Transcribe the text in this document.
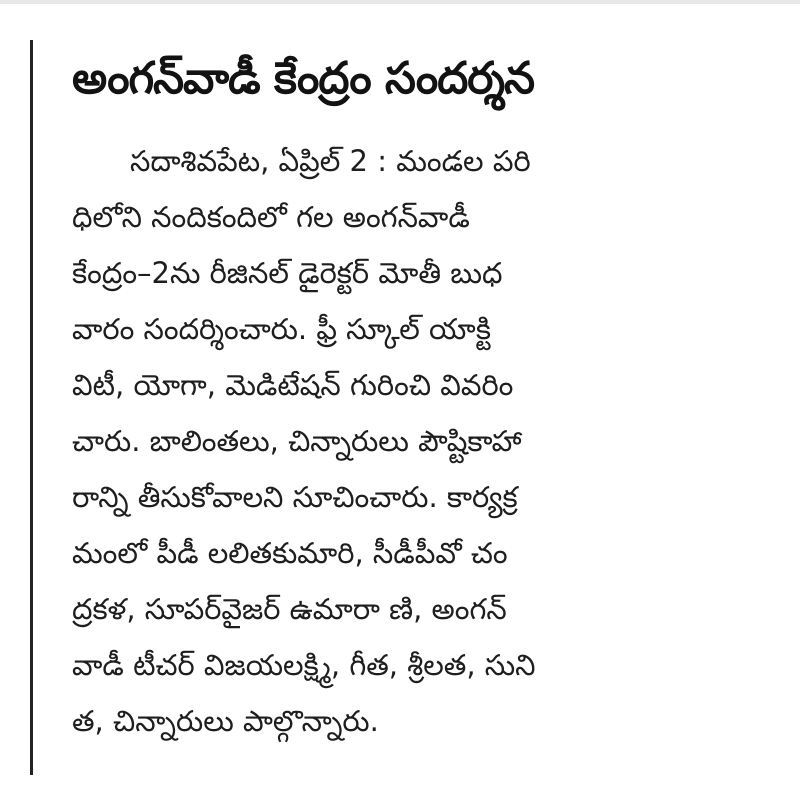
అంగన్‌వాడీ కేంద్రం సందర్శన
సదాశివపేట, ఏప్రిల్ 2 : మండల పరి
ధిలోని నందికందిలో గల అంగన్‌వాడీ
కేంద్రం–2ను రీజినల్ డైరెక్టర్ మోతీ బుధ
వారం సందర్శించారు. ఫ్రీ స్కూల్ యాక్టి
విటీ, యోగా, మెడిటేషన్ గురించి వివరిం
చారు. బాలింతలు, చిన్నారులు పౌష్టికాహా
రాన్ని తీసుకోవాలని సూచించారు. కార్యక్ర
మంలో పీడీ లలితకుమారి, సీడీపీవో చం
ద్రకళ, సూపర్‌వైజర్ ఉమారా ణి, అంగన్
వాడీ టీచర్ విజయలక్ష్మి, గీత, శ్రీలత, సుని
త, చిన్నారులు పాల్గొన్నారు.
